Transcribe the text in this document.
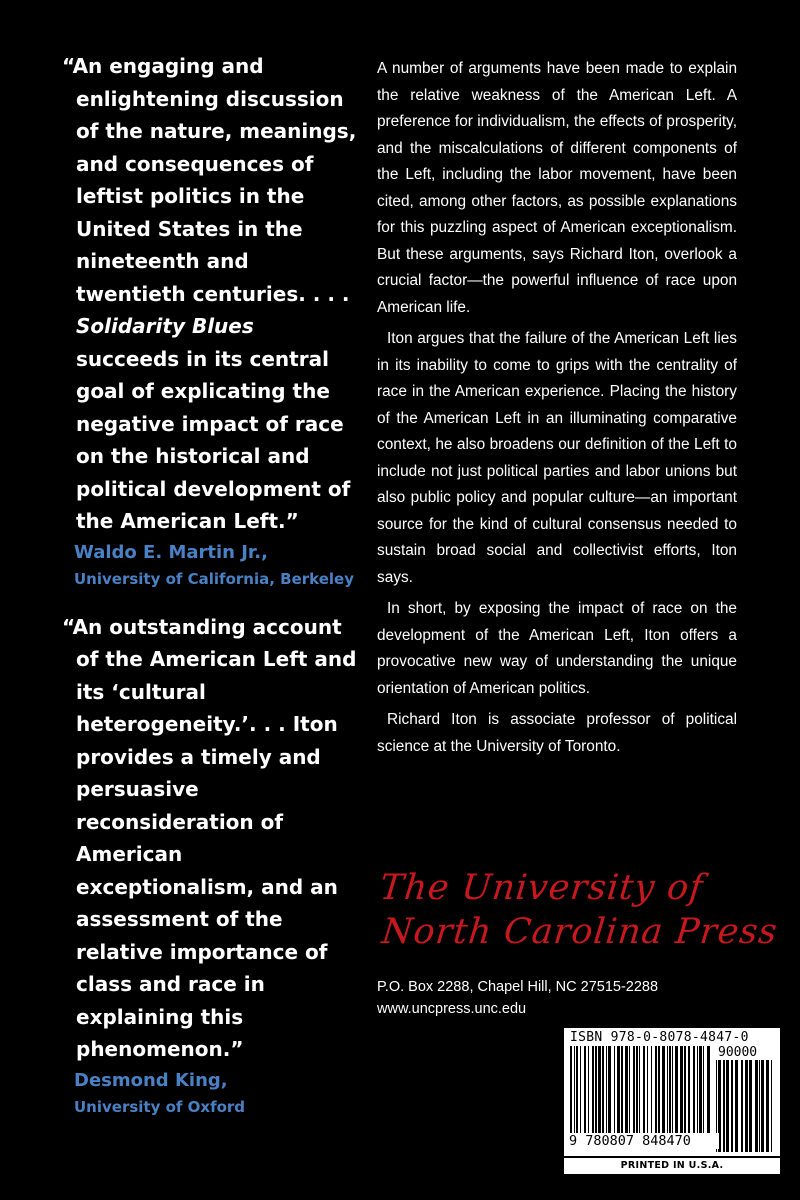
“An engaging and enlightening discussion of the nature, meanings, and consequences of leftist politics in the United States in the nineteenth and twentieth centuries. . . . Solidarity Blues succeeds in its central goal of explicating the negative impact of race on the historical and political development of the American Left.”

Waldo E. Martin Jr.,

University of California, Berkeley

“An outstanding account of the American Left and its ‘cultural heterogeneity.’. . . Iton provides a timely and persuasive reconsideration of American exceptionalism, and an assessment of the relative importance of class and race in explaining this phenomenon.”

Desmond King,

University of Oxford

A number of arguments have been made to explain the relative weakness of the American Left. A preference for individualism, the effects of prosperity, and the miscalculations of different components of the Left, including the labor movement, have been cited, among other factors, as possible explanations for this puzzling aspect of American exceptionalism. But these arguments, says Richard Iton, overlook a crucial factor—the powerful influence of race upon American life.

Iton argues that the failure of the American Left lies in its inability to come to grips with the centrality of race in the American experience. Placing the history of the American Left in an illuminating comparative context, he also broadens our definition of the Left to include not just political parties and labor unions but also public policy and popular culture—an important source for the kind of cultural consensus needed to sustain broad social and collectivist efforts, Iton says.

In short, by exposing the impact of race on the development of the American Left, Iton offers a provocative new way of understanding the unique orientation of American politics.

Richard Iton is associate professor of political science at the University of Toronto.

The University of
North Carolina Press

P.O. Box 2288, Chapel Hill, NC 27515-2288

www.uncpress.unc.edu

ISBN 978-0-8078-4847-0
90000
9 780807 848470
PRINTED IN U.S.A.
